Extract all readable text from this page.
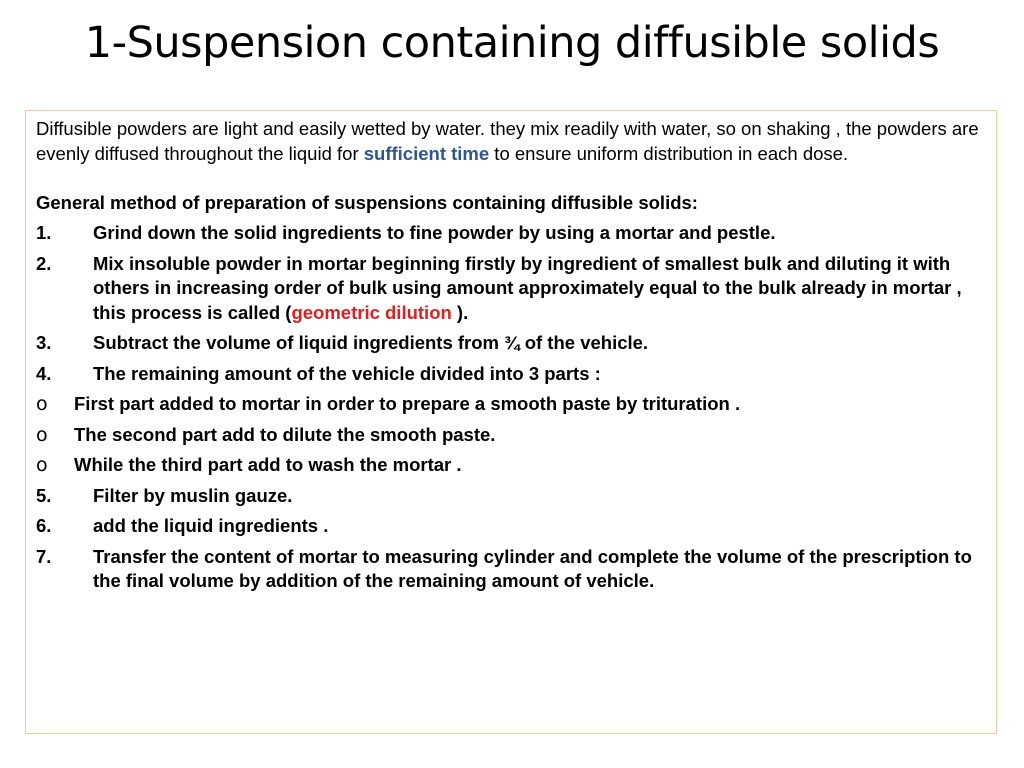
1-Suspension containing diffusible solids

Diffusible powders are light and easily wetted by water. they mix readily with water, so on shaking , the powders are evenly diffused throughout the liquid for sufficient time to ensure uniform distribution in each dose.

General method of preparation of suspensions containing diffusible solids:
1. Grind down the solid ingredients to fine powder by using a mortar and pestle.
2. Mix insoluble powder in mortar beginning firstly by ingredient of smallest bulk and diluting it with others in increasing order of bulk using amount approximately equal to the bulk already in mortar , this process is called (geometric dilution ).
3. Subtract the volume of liquid ingredients from ¾ of the vehicle.
4. The remaining amount of the vehicle divided into 3 parts :
o First part added to mortar in order to prepare a smooth paste by trituration .
o The second part add to dilute the smooth paste.
o While the third part add to wash the mortar .
5. Filter by muslin gauze.
6. add the liquid ingredients .
7. Transfer the content of mortar to measuring cylinder and complete the volume of the prescription to the final volume by addition of the remaining amount of vehicle.
